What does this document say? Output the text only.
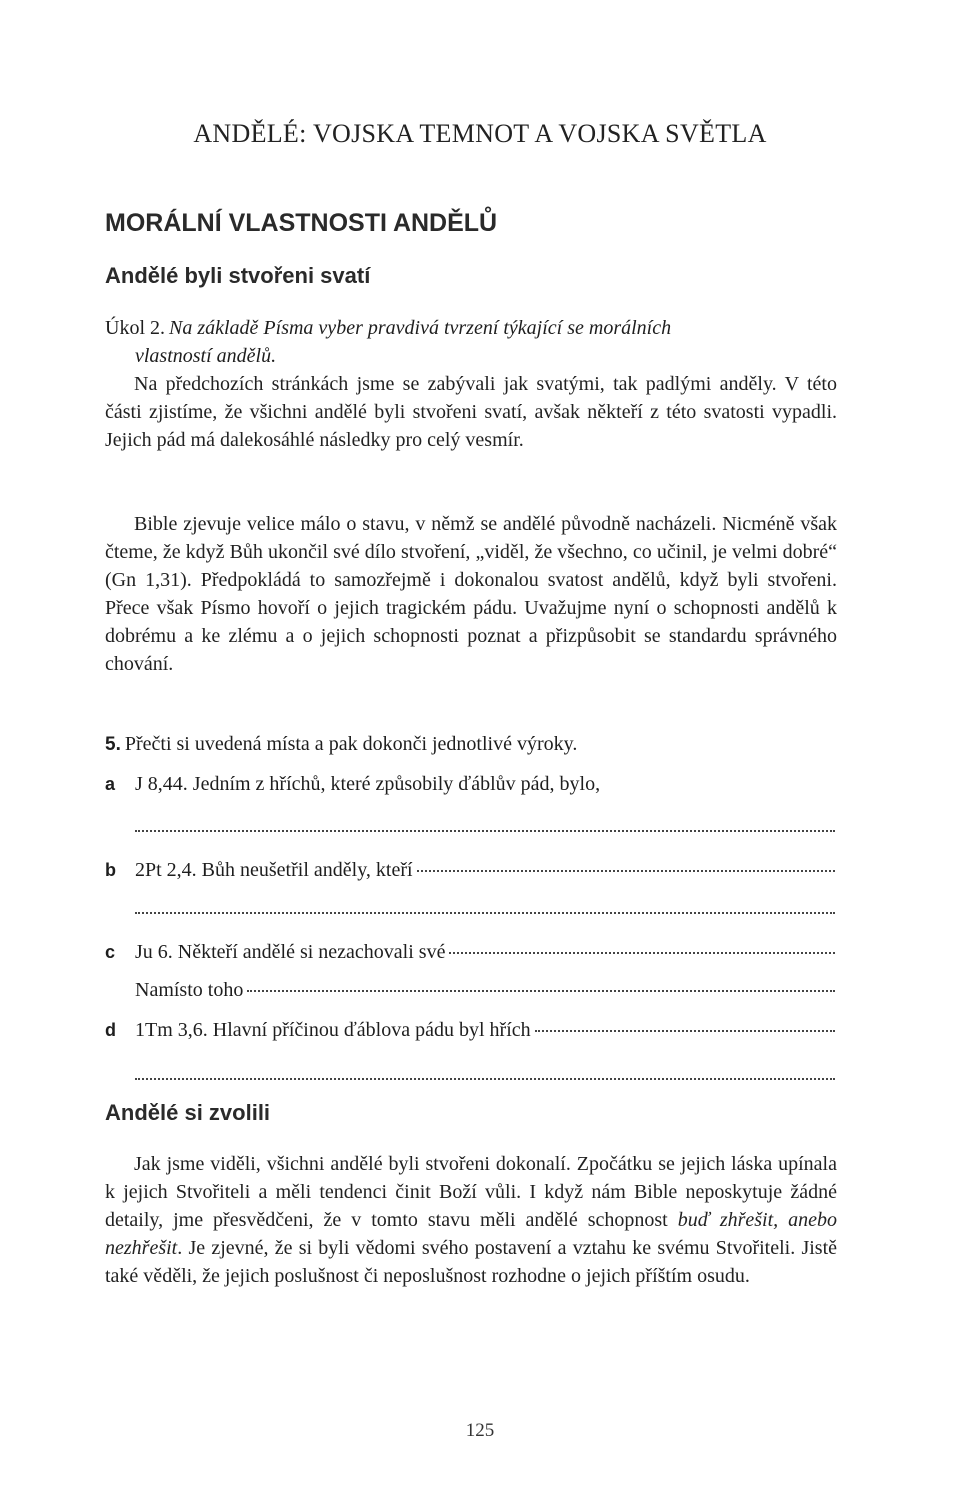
ANDĚLÉ: VOJSKA TEMNOT A VOJSKA SVĚTLA
MORÁLNÍ VLASTNOSTI ANDĚLŮ
Andělé byli stvořeni svatí
Úkol 2. Na základě Písma vyber pravdivá tvrzení týkající se morálních
vlastností andělů.

Na předchozích stránkách jsme se zabývali jak svatými, tak padlými anděly. V této části zjistíme, že všichni andělé byli stvořeni svatí, avšak někteří z této svatosti vypadli. Jejich pád má dalekosáhlé následky pro celý vesmír.

Bible zjevuje velice málo o stavu, v němž se andělé původně nacházeli. Nicméně však čteme, že když Bůh ukončil své dílo stvoření, „viděl, že všechno, co učinil, je velmi dobré“ (Gn 1,31). Předpokládá to samozřejmě i dokonalou svatost andělů, když byli stvořeni. Přece však Písmo hovoří o jejich tragickém pádu. Uvažujme nyní o schopnosti andělů k dobrému a ke zlému a o jejich schopnosti poznat a přizpůsobit se standardu správného chování.

5. Přečti si uvedená místa a pak dokonči jednotlivé výroky.
a J 8,44. Jedním z hříchů, které způsobily ďáblův pád, bylo,
b 2Pt 2,4. Bůh neušetřil anděly, kteří
c Ju 6. Někteří andělé si nezachovali své
Namísto toho
d 1Tm 3,6. Hlavní příčinou ďáblova pádu byl hřích
Andělé si zvolili

Jak jsme viděli, všichni andělé byli stvořeni dokonalí. Zpočátku se jejich láska upínala k jejich Stvořiteli a měli tendenci činit Boží vůli. I když nám Bible neposkytuje žádné detaily, jme přesvědčeni, že v tomto stavu měli andělé schopnost buď zhřešit, anebo nezhřešit. Je zjevné, že si byli vědomi svého postavení a vztahu ke svému Stvořiteli. Jistě také věděli, že jejich poslušnost či neposlušnost rozhodne o jejich příštím osudu.

125
